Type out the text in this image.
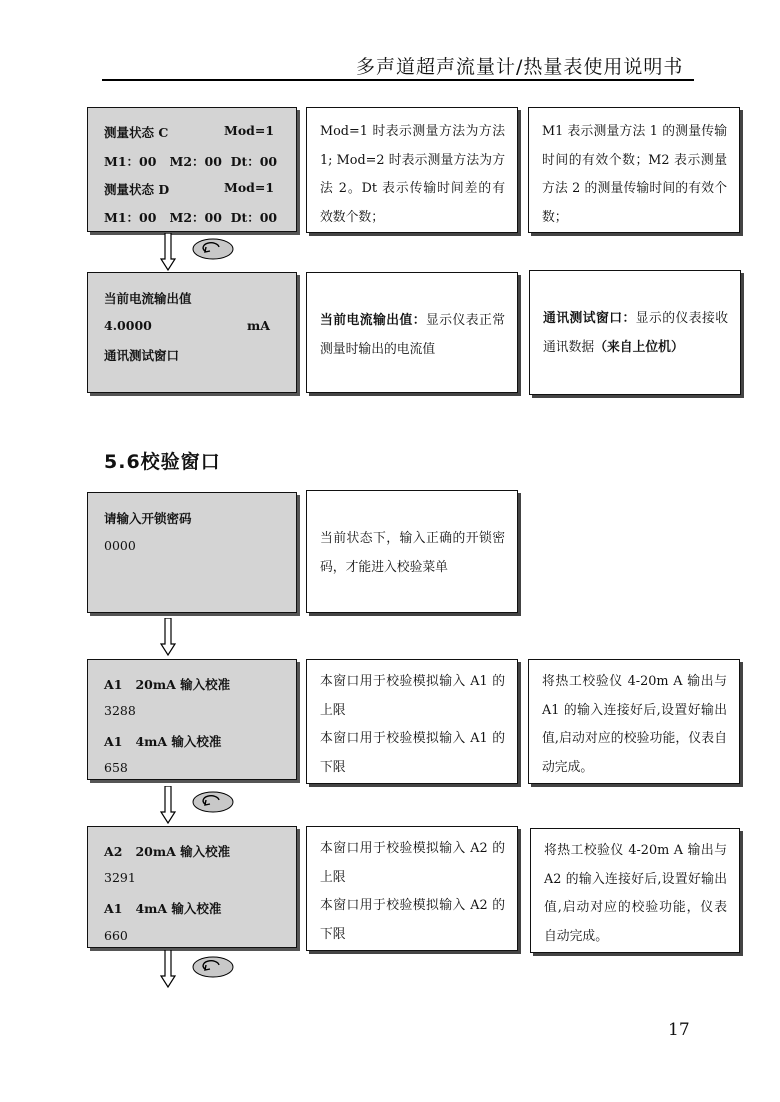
多声道超声流量计/热量表使用说明书
测量状态 C	Mod=1
M1：00   M2：00  Dt：00
测量状态 D	Mod=1
M1：00   M2：00  Dt：00
Mod=1 时表示测量方法为方法 1; Mod=2 时表示测量方法为方法 2。Dt 表示传输时间差的有效数个数；
M1 表示测量方法 1 的测量传输时间的有效个数；M2 表示测量方法 2 的测量传输时间的有效个数；
当前电流输出值
4.0000	mA
通讯测试窗口
当前电流输出值：显示仪表正常测量时输出的电流值
通讯测试窗口：显示的仪表接收通讯数据（来自上位机）
5.6校验窗口
请输入开锁密码
0000	当前状态下，输入正确的开锁密码，才能进入校验菜单
A1   20mA 输入校准
3288
A1   4mA 输入校准
658
本窗口用于校验模拟输入 A1 的上限
本窗口用于校验模拟输入 A1 的下限
将热工校验仪 4-20m A 输出与 A1 的输入连接好后,设置好输出值,启动对应的校验功能，仪表自动完成。
A2   20mA 输入校准
3291
A1   4mA 输入校准
660
本窗口用于校验模拟输入 A2 的上限
本窗口用于校验模拟输入 A2 的下限
将热工校验仪 4-20m A 输出与 A2 的输入连接好后,设置好输出值,启动对应的校验功能，仪表自动完成。
17
